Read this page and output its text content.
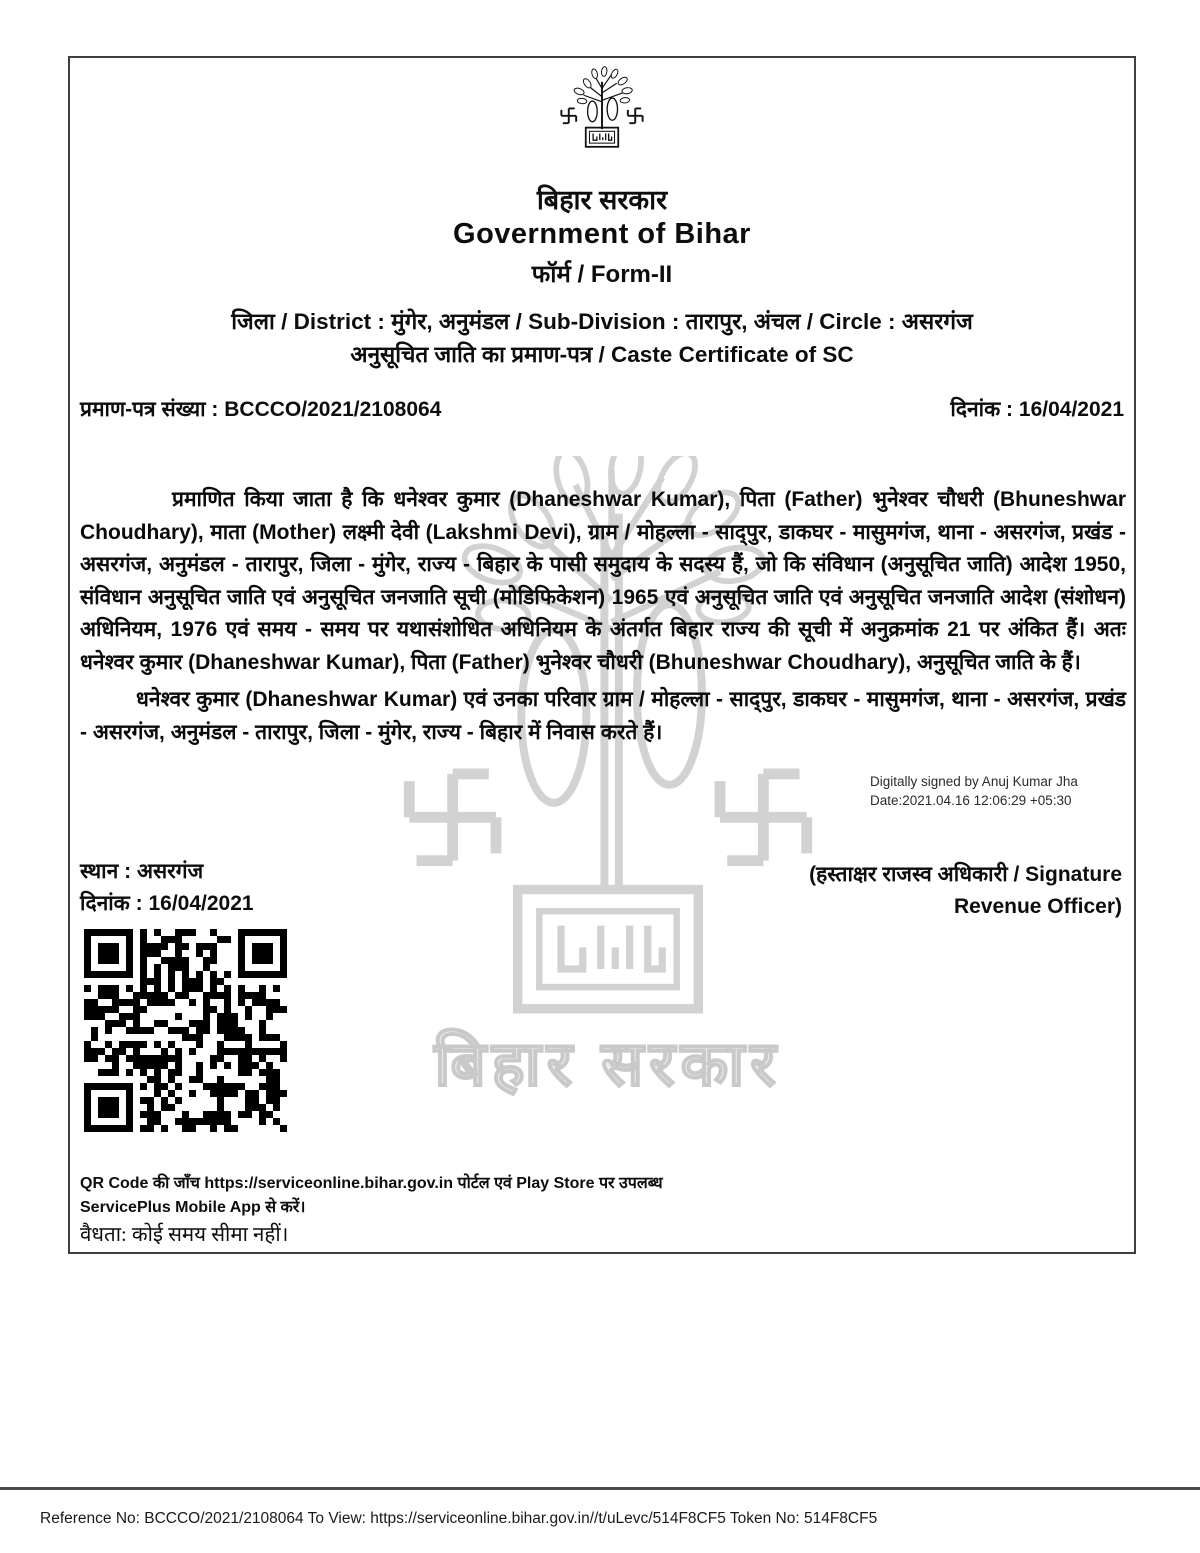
बिहार सरकार
बिहार सरकार
Government of Bihar
फॉर्म / Form-II
जिला / District : मुंगेर, अनुमंडल / Sub-Division : तारापुर, अंचल / Circle : असरगंज
अनुसूचित जाति का प्रमाण-पत्र / Caste Certificate of SC
प्रमाण-पत्र संख्या : BCCCO/2021/2108064	दिनांक : 16/04/2021
प्रमाणित किया जाता है कि धनेश्वर कुमार (Dhaneshwar Kumar), पिता (Father) भुनेश्वर चौधरी (Bhuneshwar Choudhary), माता (Mother) लक्ष्मी देवी (Lakshmi Devi), ग्राम / मोहल्ला - साद्पुर, डाकघर - मासुमगंज, थाना - असरगंज, प्रखंड - असरगंज, अनुमंडल - तारापुर, जिला - मुंगेर, राज्य - बिहार के पासी समुदाय के सदस्य हैं, जो कि संविधान (अनुसूचित जाति) आदेश 1950, संविधान अनुसूचित जाति एवं अनुसूचित जनजाति सूची (मोडिफिकेशन) 1965 एवं अनुसूचित जाति एवं अनुसूचित जनजाति आदेश (संशोधन) अधिनियम, 1976 एवं समय - समय पर यथासंशोधित अधिनियम के अंतर्गत बिहार राज्य की सूची में अनुक्रमांक 21 पर अंकित हैं। अतः धनेश्वर कुमार (Dhaneshwar Kumar), पिता (Father) भुनेश्वर चौधरी (Bhuneshwar Choudhary), अनुसूचित जाति के हैं।
धनेश्वर कुमार (Dhaneshwar Kumar) एवं उनका परिवार ग्राम / मोहल्ला - साद्पुर, डाकघर - मासुमगंज, थाना - असरगंज, प्रखंड - असरगंज, अनुमंडल - तारापुर, जिला - मुंगेर, राज्य - बिहार में निवास करते हैं।
Digitally signed by Anuj Kumar Jha
Date:2021.04.16 12:06:29 +05:30
स्थान : असरगंज
दिनांक : 16/04/2021
(हस्ताक्षर राजस्व अधिकारी / Signature
Revenue Officer)
QR Code की जाँच https://serviceonline.bihar.gov.in पोर्टल एवं Play Store पर उपलब्ध ServicePlus Mobile App से करें।
वैधता: कोई समय सीमा नहीं।
Reference No: BCCCO/2021/2108064 To View: https://serviceonline.bihar.gov.in//t/uLevc/514F8CF5 Token No: 514F8CF5
